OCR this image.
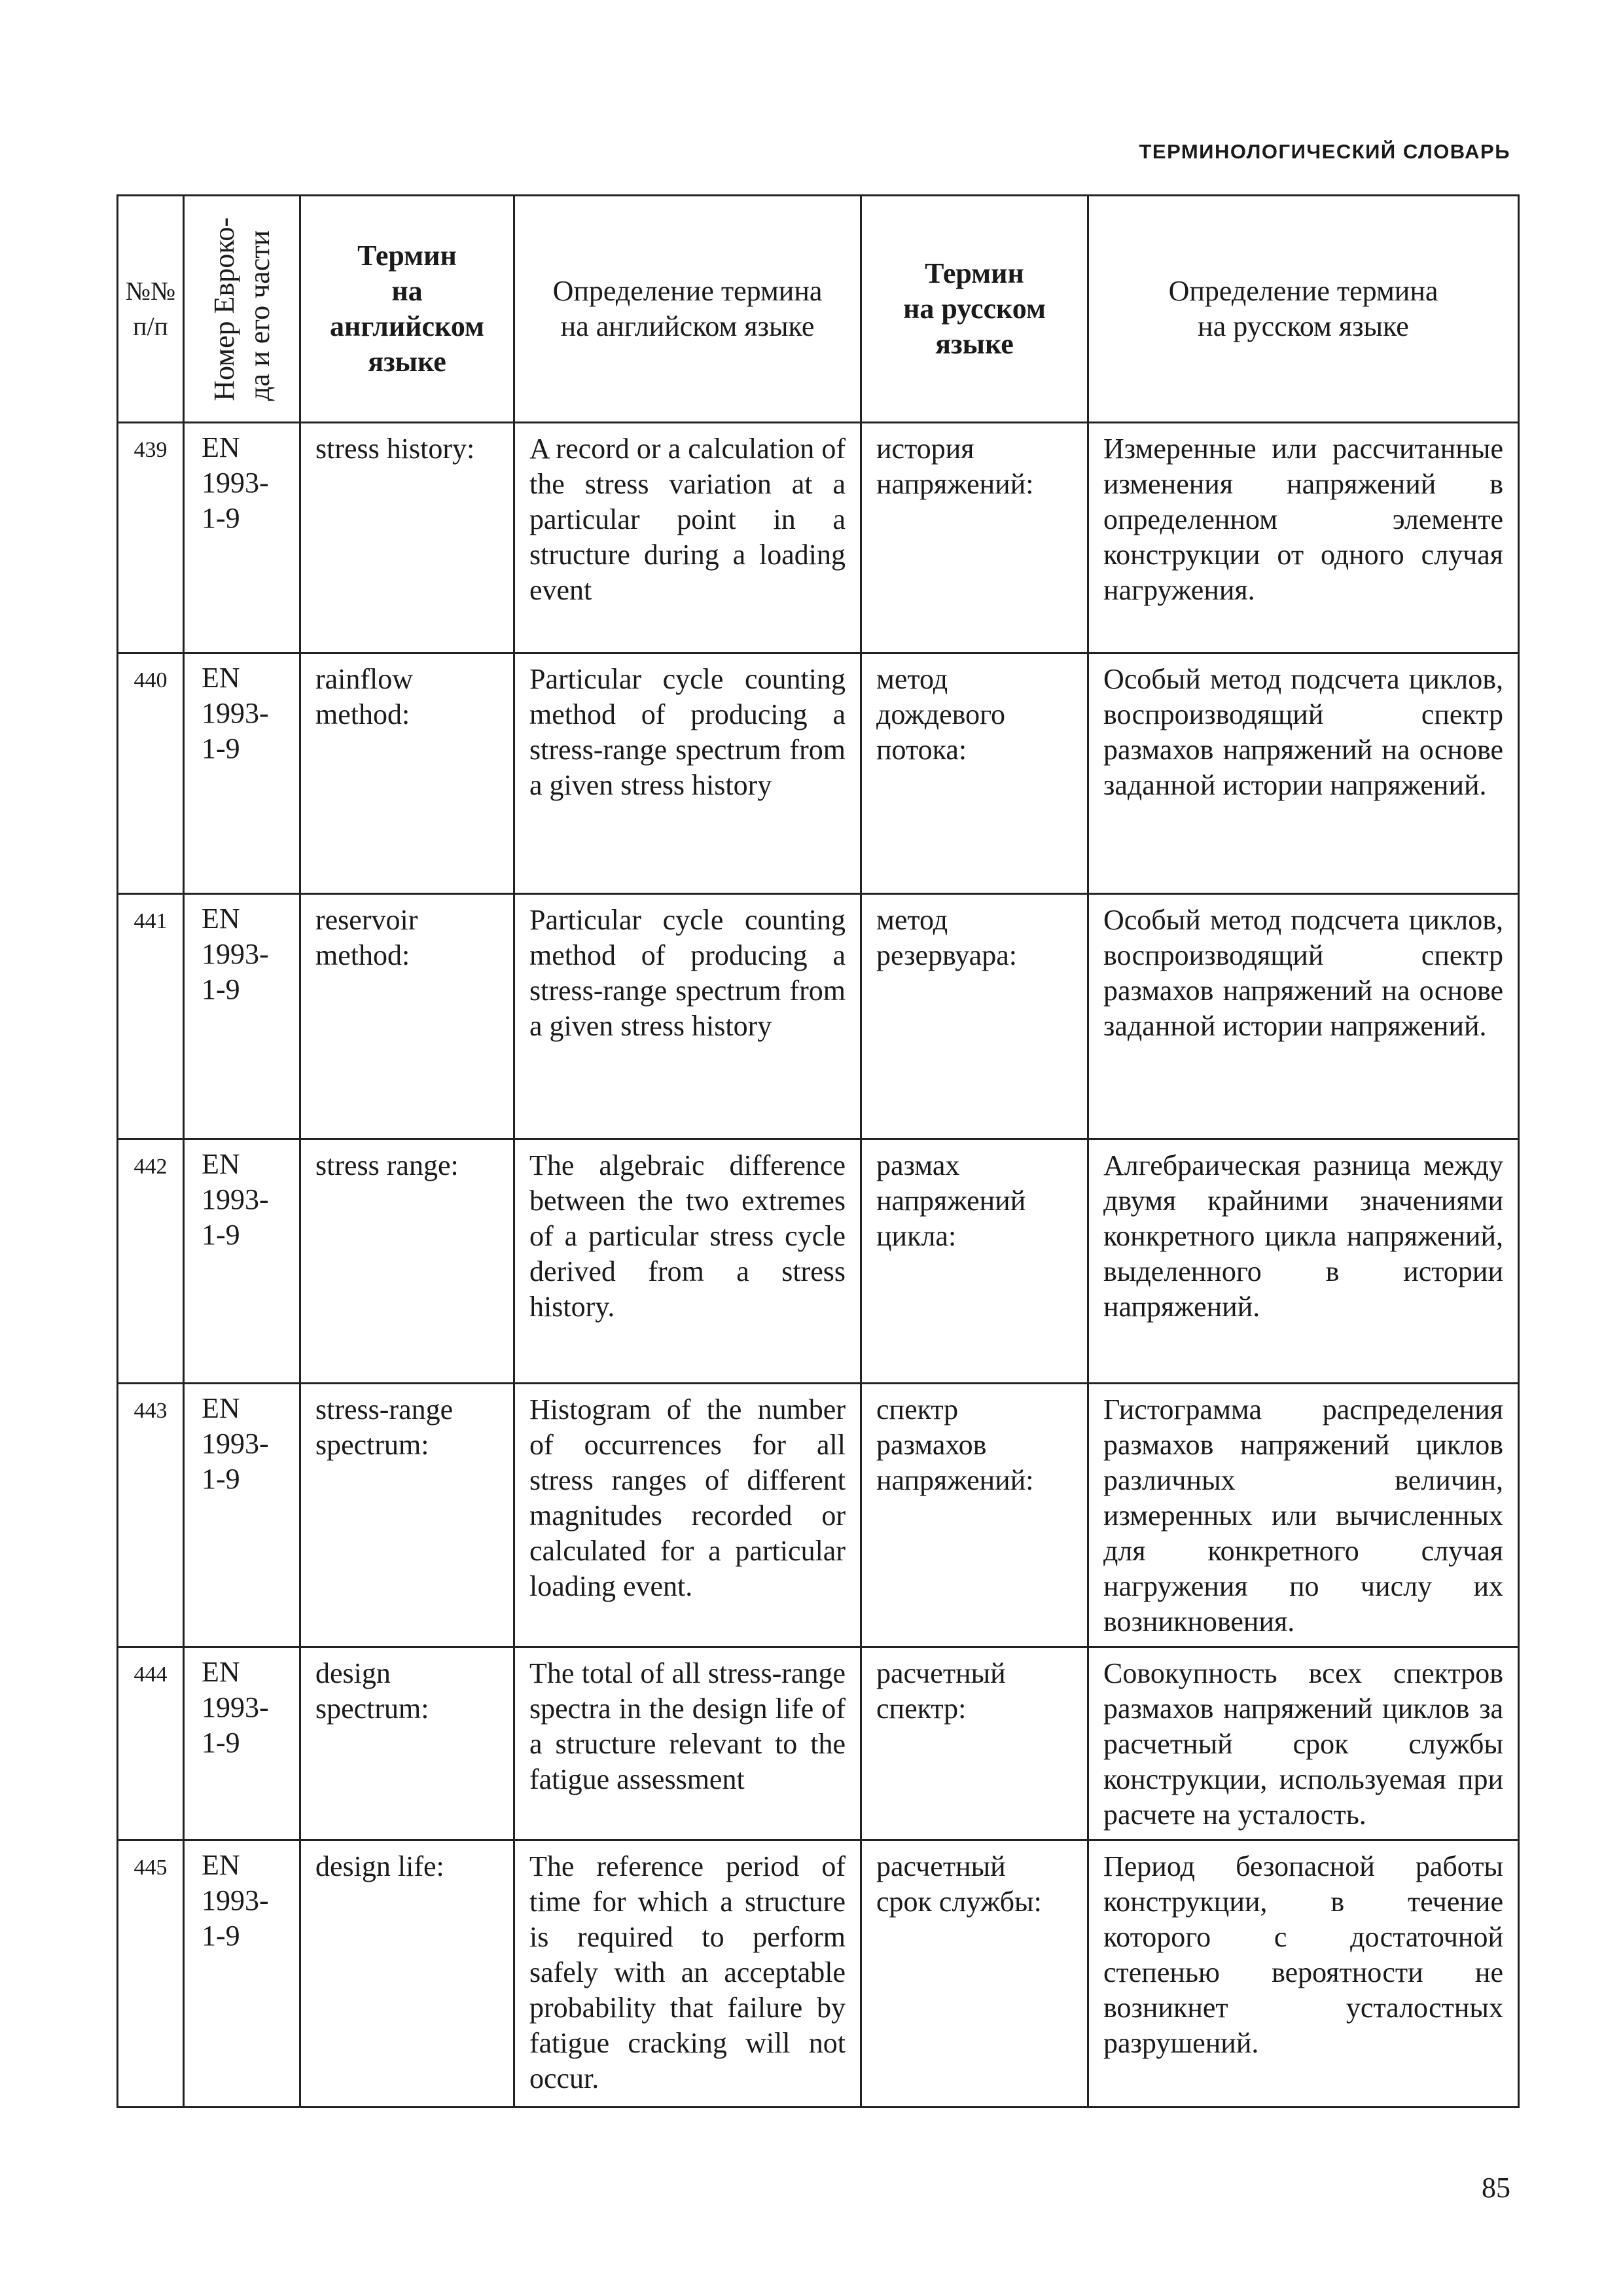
ТЕРМИНОЛОГИЧЕСКИЙ СЛОВАРЬ
№№
п/п	Номер Евроко-
да и его части	Термин
на
английском
языке	Определение термина
на английском языке	Термин
на русском
языке	Определение термина
на русском языке

439	EN
1993-
1-9	stress history:	A record or a calculation of the stress variation at a particular point in a structure during a loading event	история
напряжений:	Измеренные или рассчитанные изменения напряжений в определенном элементе конструкции от одного случая нагружения.
440	EN
1993-
1-9	rainflow method:	Particular cycle counting method of producing a stress-range spectrum from a given stress history	метод
дождевого
потока:	Особый метод подсчета циклов, воспроизводящий спектр размахов напряжений на основе заданной истории напряжений.
441	EN
1993-
1-9	reservoir method:	Particular cycle counting method of producing a stress-range spectrum from a given stress history	метод
резервуара:	Особый метод подсчета циклов, воспроизводящий спектр размахов напряжений на основе заданной истории напряжений.
442	EN
1993-
1-9	stress range:	The algebraic difference between the two extremes of a particular stress cycle derived from a stress history.	размах
напряжений
цикла:	Алгебраическая разница между двумя крайними значениями конкретного цикла напряжений, выделенного в истории напряжений.
443	EN
1993-
1-9	stress-range spectrum:	Histogram of the number of occurrences for all stress ranges of different magnitudes recorded or calculated for a particular loading event.	спектр
размахов
напряжений:	Гистограмма распределения размахов напряжений циклов различных величин, измеренных или вычисленных для конкретного случая нагружения по числу их возникновения.
444	EN
1993-
1-9	design spectrum:	The total of all stress-range spectra in the design life of a structure relevant to the fatigue assessment	расчетный
спектр:	Совокупность всех спектров размахов напряжений циклов за расчетный срок службы конструкции, используемая при расчете на усталость.
445	EN
1993-
1-9	design life:	The reference period of time for which a structure is required to perform safely with an acceptable probability that failure by fatigue cracking will not occur.	расчетный
срок службы:	Период безопасной работы конструкции, в течение которого с достаточной степенью вероятности не возникнет усталостных разрушений.
85
